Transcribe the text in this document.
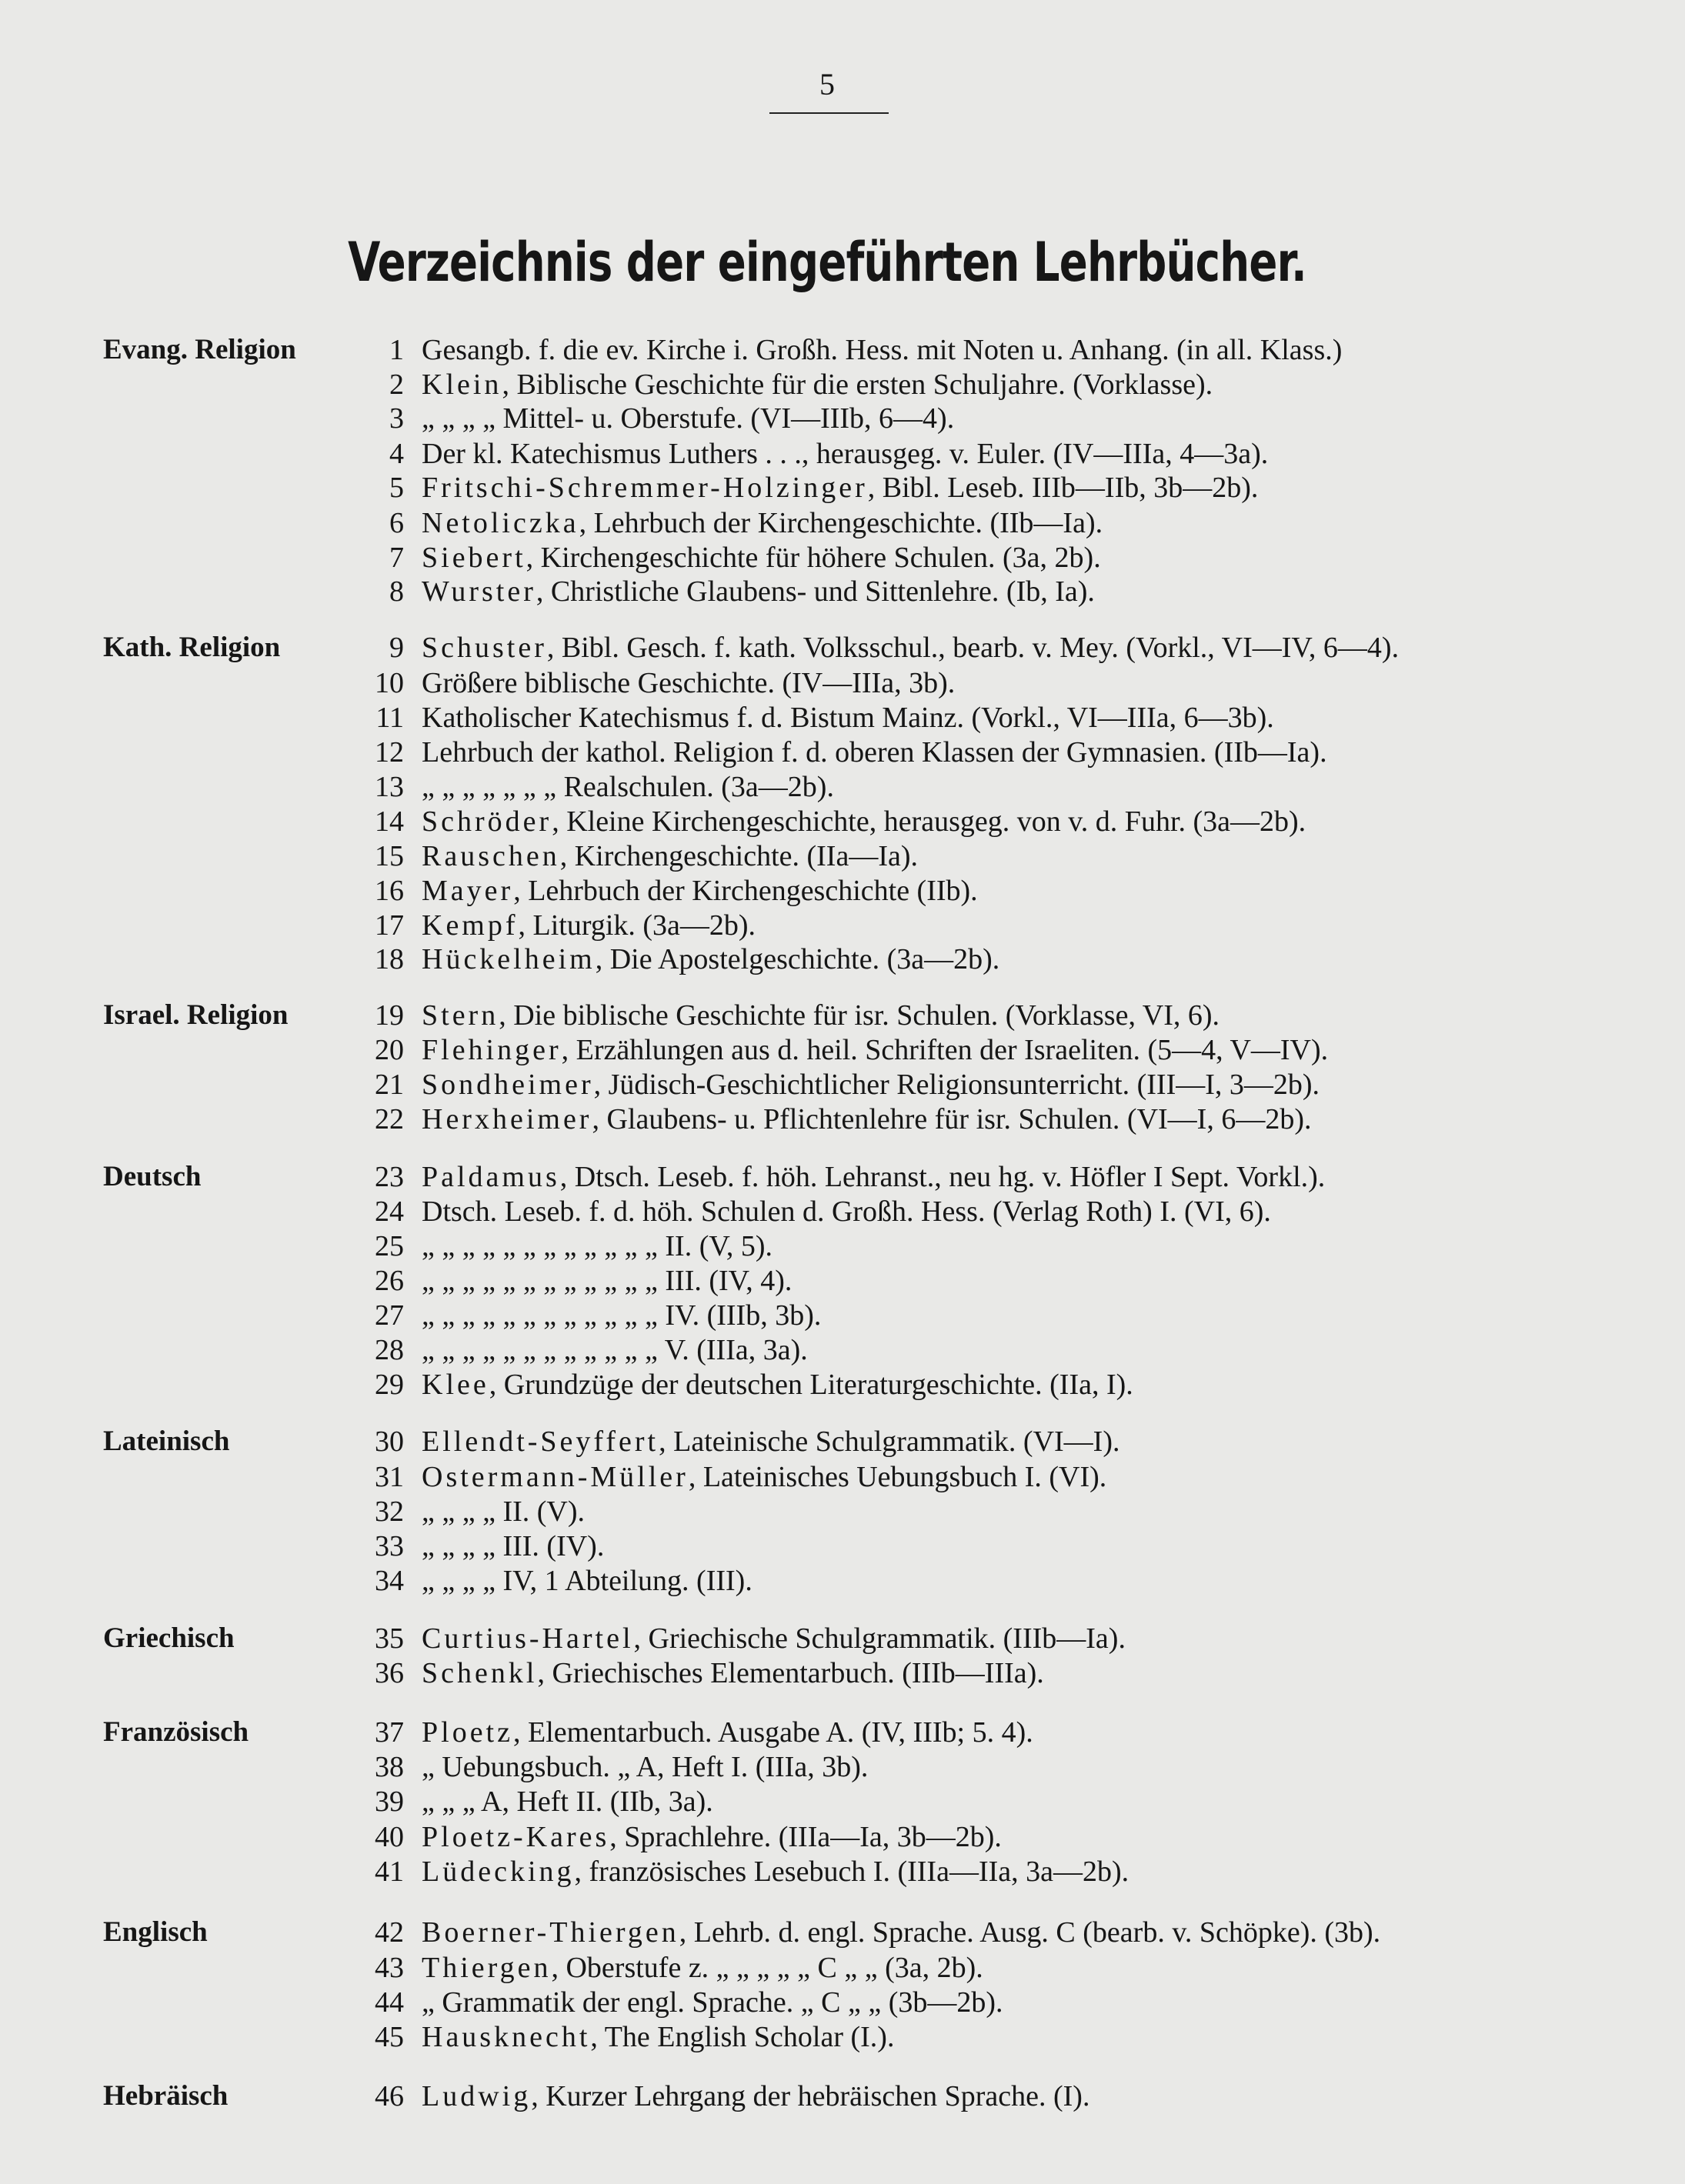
5
Verzeichnis der eingeführten Lehrbücher.
Evang. Religion	1 Gesangb. f. die ev. Kirche i. Großh. Hess. mit Noten u. Anhang. (in all. Klass.)
2 Klein, Biblische Geschichte für die ersten Schuljahre. (Vorklasse).
3 „ „ „ „ Mittel- u. Oberstufe. (VI—IIIb, 6—4).
4 Der kl. Katechismus Luthers . . ., herausgeg. v. Euler. (IV—IIIa, 4—3a).
5 Fritschi-Schremmer-Holzinger, Bibl. Leseb. IIIb—IIb, 3b—2b).
6 Netoliczka, Lehrbuch der Kirchengeschichte. (IIb—Ia).
7 Siebert, Kirchengeschichte für höhere Schulen. (3a, 2b).
8 Wurster, Christliche Glaubens- und Sittenlehre. (Ib, Ia).
Kath. Religion	9 Schuster, Bibl. Gesch. f. kath. Volksschul., bearb. v. Mey. (Vorkl., VI—IV, 6—4).
10 Größere biblische Geschichte. (IV—IIIa, 3b).
11 Katholischer Katechismus f. d. Bistum Mainz. (Vorkl., VI—IIIa, 6—3b).
12 Lehrbuch der kathol. Religion f. d. oberen Klassen der Gymnasien. (IIb—Ia).
13 „ „ „ „ „ „ „ Realschulen. (3a—2b).
14 Schröder, Kleine Kirchengeschichte, herausgeg. von v. d. Fuhr. (3a—2b).
15 Rauschen, Kirchengeschichte. (IIa—Ia).
16 Mayer, Lehrbuch der Kirchengeschichte (IIb).
17 Kempf, Liturgik. (3a—2b).
18 Hückelheim, Die Apostelgeschichte. (3a—2b).
Israel. Religion	19 Stern, Die biblische Geschichte für isr. Schulen. (Vorklasse, VI, 6).
20 Flehinger, Erzählungen aus d. heil. Schriften der Israeliten. (5—4, V—IV).
21 Sondheimer, Jüdisch-Geschichtlicher Religionsunterricht. (III—I, 3—2b).
22 Herxheimer, Glaubens- u. Pflichtenlehre für isr. Schulen. (VI—I, 6—2b).
Deutsch	23 Paldamus, Dtsch. Leseb. f. höh. Lehranst., neu hg. v. Höfler I Sept. Vorkl.).
24 Dtsch. Leseb. f. d. höh. Schulen d. Großh. Hess. (Verlag Roth) I. (VI, 6).
25 „ „ „ „ „ „ „ „ „ „ „ „ II. (V, 5).
26 „ „ „ „ „ „ „ „ „ „ „ „ III. (IV, 4).
27 „ „ „ „ „ „ „ „ „ „ „ „ IV. (IIIb, 3b).
28 „ „ „ „ „ „ „ „ „ „ „ „ V. (IIIa, 3a).
29 Klee, Grundzüge der deutschen Literaturgeschichte. (IIa, I).
Lateinisch	30 Ellendt-Seyffert, Lateinische Schulgrammatik. (VI—I).
31 Ostermann-Müller, Lateinisches Uebungsbuch I. (VI).
32 „ „ „ „ II. (V).
33 „ „ „ „ III. (IV).
34 „ „ „ „ IV, 1 Abteilung. (III).
Griechisch	35 Curtius-Hartel, Griechische Schulgrammatik. (IIIb—Ia).
36 Schenkl, Griechisches Elementarbuch. (IIIb—IIIa).
Französisch	37 Ploetz, Elementarbuch. Ausgabe A. (IV, IIIb; 5. 4).
38 „ Uebungsbuch. „ A, Heft I. (IIIa, 3b).
39 „ „ „ A, Heft II. (IIb, 3a).
40 Ploetz-Kares, Sprachlehre. (IIIa—Ia, 3b—2b).
41 Lüdecking, französisches Lesebuch I. (IIIa—IIa, 3a—2b).
Englisch	42 Boerner-Thiergen, Lehrb. d. engl. Sprache. Ausg. C (bearb. v. Schöpke). (3b).
43 Thiergen, Oberstufe z. „ „ „ „ „ C „ „ (3a, 2b).
44 „ Grammatik der engl. Sprache. „ C „ „ (3b—2b).
45 Hausknecht, The English Scholar (I.).
Hebräisch	46 Ludwig, Kurzer Lehrgang der hebräischen Sprache. (I).
